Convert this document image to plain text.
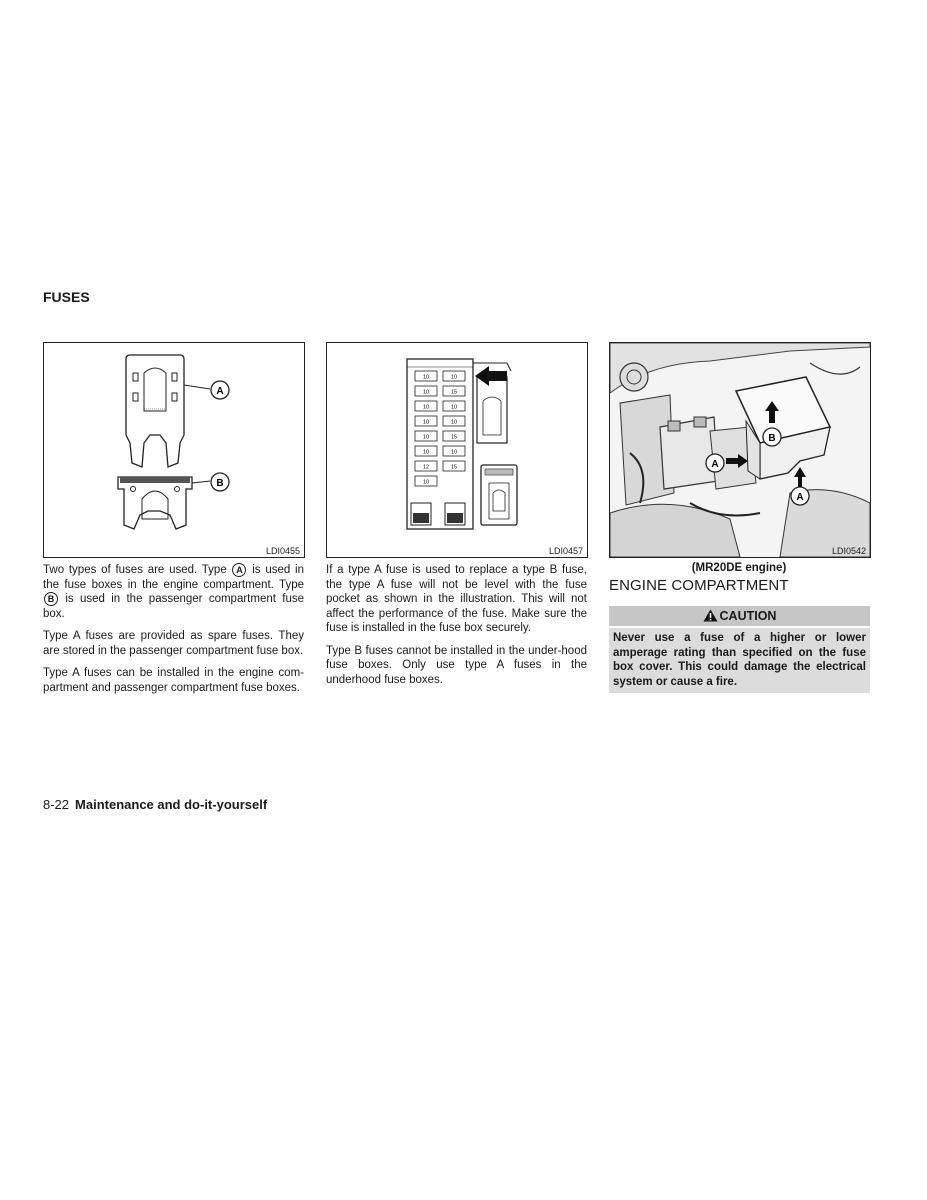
FUSES
A
B
LDI0455
10	10
10	15
10	10
10	10
10	15
10	10
12	15
10
LDI0457
B
A
A
LDI0542

Two types of fuses are used. Type A is used in the fuse boxes in the engine compartment. Type B is used in the passenger compartment fuse box.

Type A fuses are provided as spare fuses. They are stored in the passenger compartment fuse box.

Type A fuses can be installed in the engine com-partment and passenger compartment fuse boxes.

If a type A fuse is used to replace a type B fuse, the type A fuse will not be level with the fuse pocket as shown in the illustration. This will not affect the performance of the fuse. Make sure the fuse is installed in the fuse box securely.

Type B fuses cannot be installed in the under-hood fuse boxes. Only use type A fuses in the underhood fuse boxes.

(MR20DE engine)
ENGINE COMPARTMENT
CAUTION
Never use a fuse of a higher or lower amperage rating than specified on the fuse box cover. This could damage the electrical system or cause a fire.
8-22 Maintenance and do-it-yourself
